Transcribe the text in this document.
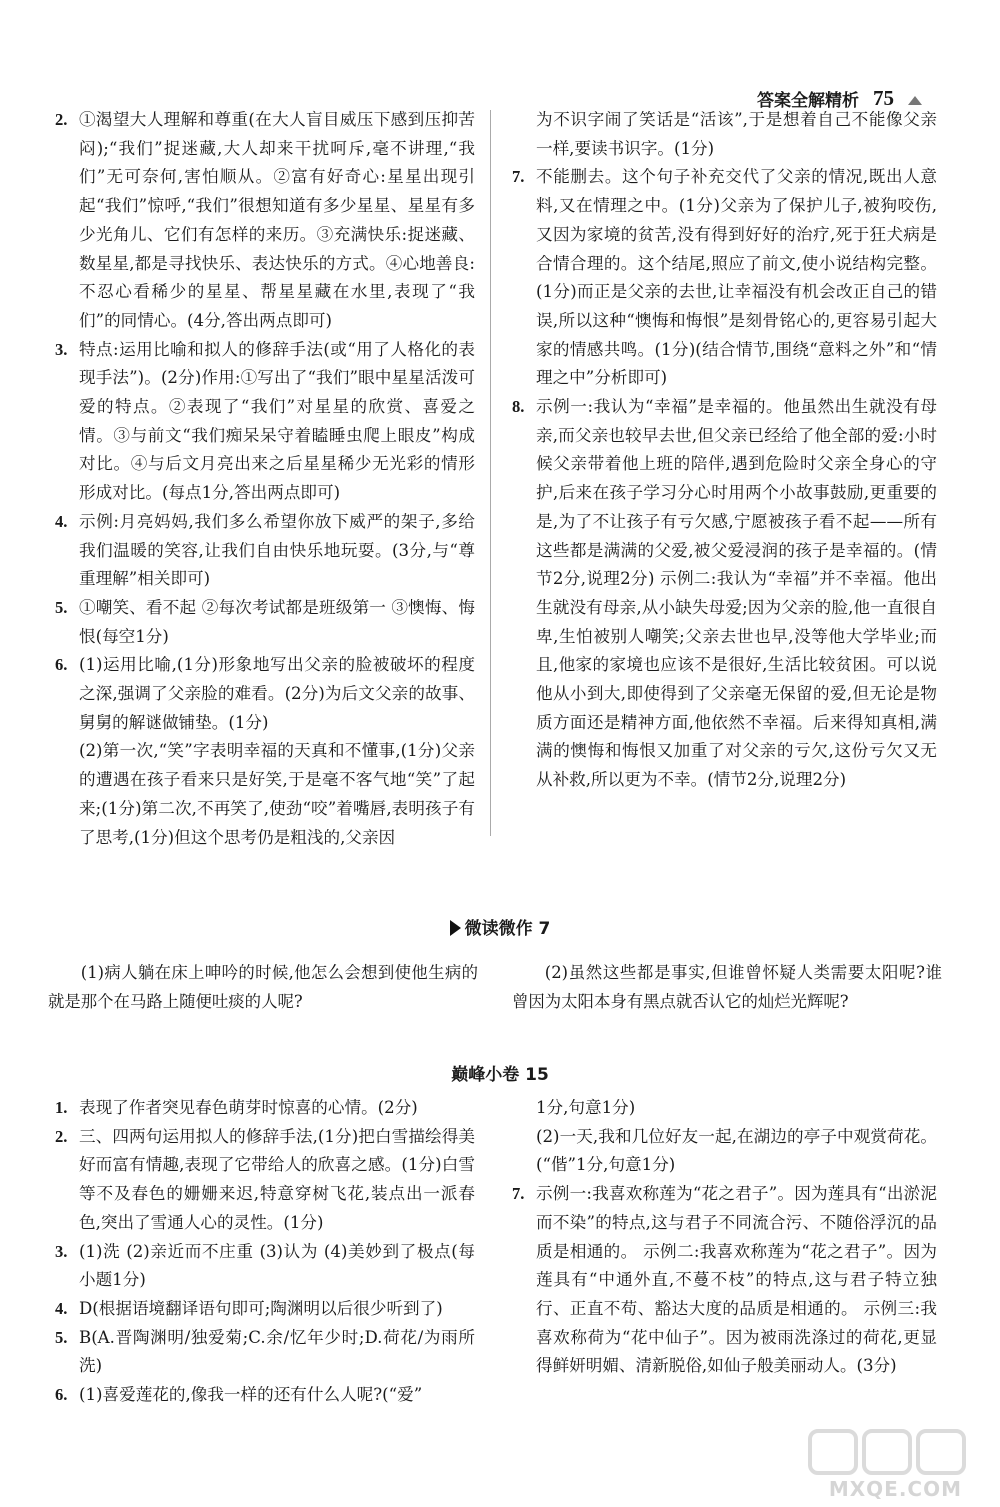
答案全解精析 75
2. ①渴望大人理解和尊重(在大人盲目威压下感到压抑苦闷);“我们”捉迷藏,大人却来干扰呵斥,毫不讲理,“我们”无可奈何,害怕顺从。②富有好奇心:星星出现引起“我们”惊呼,“我们”很想知道有多少星星、星星有多少光角儿、它们有怎样的来历。③充满快乐:捉迷藏、数星星,都是寻找快乐、表达快乐的方式。④心地善良:不忍心看稀少的星星、帮星星藏在水里,表现了“我们”的同情心。(4分,答出两点即可)
3. 特点:运用比喻和拟人的修辞手法(或“用了人格化的表现手法”)。(2分)作用:①写出了“我们”眼中星星活泼可爱的特点。②表现了“我们”对星星的欣赏、喜爱之情。③与前文“我们痴呆呆守着瞌睡虫爬上眼皮”构成对比。④与后文月亮出来之后星星稀少无光彩的情形形成对比。(每点1分,答出两点即可)
4. 示例:月亮妈妈,我们多么希望你放下威严的架子,多给我们温暖的笑容,让我们自由快乐地玩耍。(3分,与“尊重理解”相关即可)
5. ①嘲笑、看不起 ②每次考试都是班级第一 ③懊悔、悔恨(每空1分)
6. (1)运用比喻,(1分)形象地写出父亲的脸被破坏的程度之深,强调了父亲脸的难看。(2分)为后文父亲的故事、舅舅的解谜做铺垫。(1分)
(2)第一次,“笑”字表明幸福的天真和不懂事,(1分)父亲的遭遇在孩子看来只是好笑,于是毫不客气地“笑”了起来;(1分)第二次,不再笑了,使劲“咬”着嘴唇,表明孩子有了思考,(1分)但这个思考仍是粗浅的,父亲因
为不识字闹了笑话是“活该”,于是想着自己不能像父亲一样,要读书识字。(1分)
7. 不能删去。这个句子补充交代了父亲的情况,既出人意料,又在情理之中。(1分)父亲为了保护儿子,被狗咬伤,又因为家境的贫苦,没有得到好好的治疗,死于狂犬病是合情合理的。这个结尾,照应了前文,使小说结构完整。(1分)而正是父亲的去世,让幸福没有机会改正自己的错误,所以这种“懊悔和悔恨”是刻骨铭心的,更容易引起大家的情感共鸣。(1分)(结合情节,围绕“意料之外”和“情理之中”分析即可)
8. 示例一:我认为“幸福”是幸福的。他虽然出生就没有母亲,而父亲也较早去世,但父亲已经给了他全部的爱:小时候父亲带着他上班的陪伴,遇到危险时父亲全身心的守护,后来在孩子学习分心时用两个小故事鼓励,更重要的是,为了不让孩子有亏欠感,宁愿被孩子看不起——所有这些都是满满的父爱,被父爱浸润的孩子是幸福的。(情节2分,说理2分) 示例二:我认为“幸福”并不幸福。他出生就没有母亲,从小缺失母爱;因为父亲的脸,他一直很自卑,生怕被别人嘲笑;父亲去世也早,没等他大学毕业;而且,他家的家境也应该不是很好,生活比较贫困。可以说他从小到大,即使得到了父亲毫无保留的爱,但无论是物质方面还是精神方面,他依然不幸福。后来得知真相,满满的懊悔和悔恨又加重了对父亲的亏欠,这份亏欠又无从补救,所以更为不幸。(情节2分,说理2分)
微读微作 7
(1)病人躺在床上呻吟的时候,他怎么会想到使他生病的就是那个在马路上随便吐痰的人呢?
(2)虽然这些都是事实,但谁曾怀疑人类需要太阳呢?谁曾因为太阳本身有黑点就否认它的灿烂光辉呢?
巅峰小卷 15
1. 表现了作者突见春色萌芽时惊喜的心情。(2分)
2. 三、四两句运用拟人的修辞手法,(1分)把白雪描绘得美好而富有情趣,表现了它带给人的欣喜之感。(1分)白雪等不及春色的姗姗来迟,特意穿树飞花,装点出一派春色,突出了雪通人心的灵性。(1分)
3. (1)洗 (2)亲近而不庄重 (3)认为 (4)美妙到了极点(每小题1分)
4. D(根据语境翻译语句即可;陶渊明以后很少听到了)
5. B(A.晋陶渊明/独爱菊;C.余/忆年少时;D.荷花/为雨所洗)
6. (1)喜爱莲花的,像我一样的还有什么人呢?(“爱”
1分,句意1分)
(2)一天,我和几位好友一起,在湖边的亭子中观赏荷花。(“偕”1分,句意1分)
7. 示例一:我喜欢称莲为“花之君子”。因为莲具有“出淤泥而不染”的特点,这与君子不同流合污、不随俗浮沉的品质是相通的。 示例二:我喜欢称莲为“花之君子”。因为莲具有“中通外直,不蔓不枝”的特点,这与君子特立独行、正直不苟、豁达大度的品质是相通的。 示例三:我喜欢称荷为“花中仙子”。因为被雨洗涤过的荷花,更显得鲜妍明媚、清新脱俗,如仙子般美丽动人。(3分)
MXQE.COM
